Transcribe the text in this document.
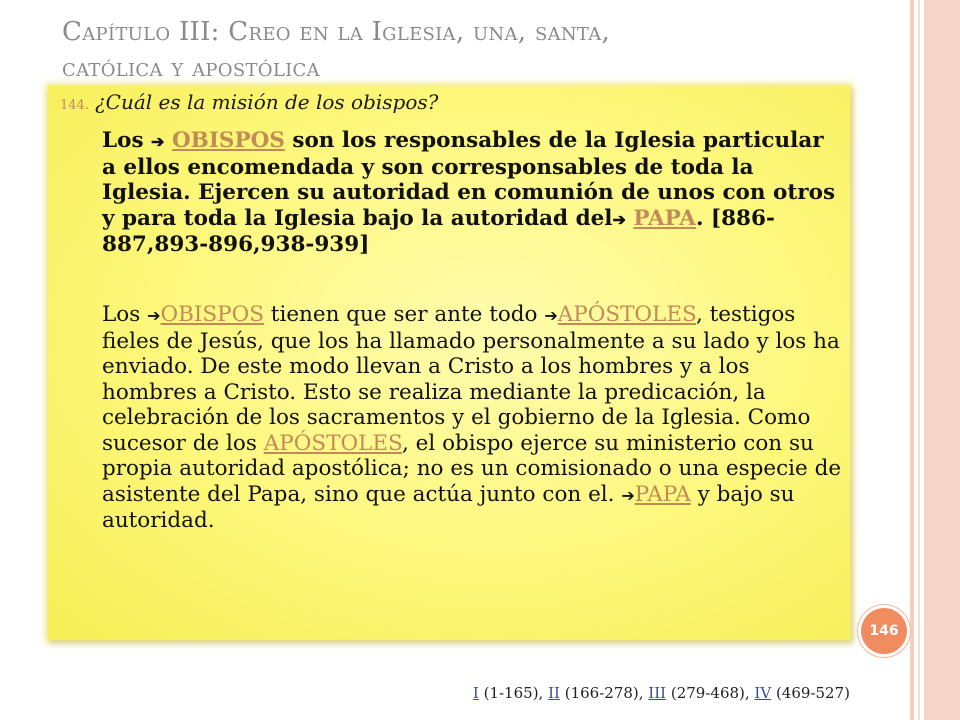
Capítulo III: Creo en la Iglesia, una, santa,
católica y apostólica
144. ¿Cuál es la misión de los obispos?
Los ➔ OBISPOS son los responsables de la Iglesia particular a ellos encomendada y son corresponsables de toda la Iglesia. Ejercen su autoridad en comunión de unos con otros y para toda la Iglesia bajo la autoridad del➔ PAPA. [886-887,893-896,938-939]
Los ➔OBISPOS tienen que ser ante todo ➔APÓSTOLES, testigos fieles de Jesús, que los ha llamado personalmente a su lado y los ha enviado. De este modo llevan a Cristo a los hombres y a los hombres a Cristo. Esto se realiza mediante la predicación, la celebración de los sacramentos y el gobierno de la Iglesia. Como sucesor de los APÓSTOLES, el obispo ejerce su ministerio con su propia autoridad apostólica; no es un comisionado o una especie de asistente del Papa, sino que actúa junto con el. ➔PAPA y bajo su autoridad.
146
I (1-165), II (166-278), III (279-468), IV (469-527)
